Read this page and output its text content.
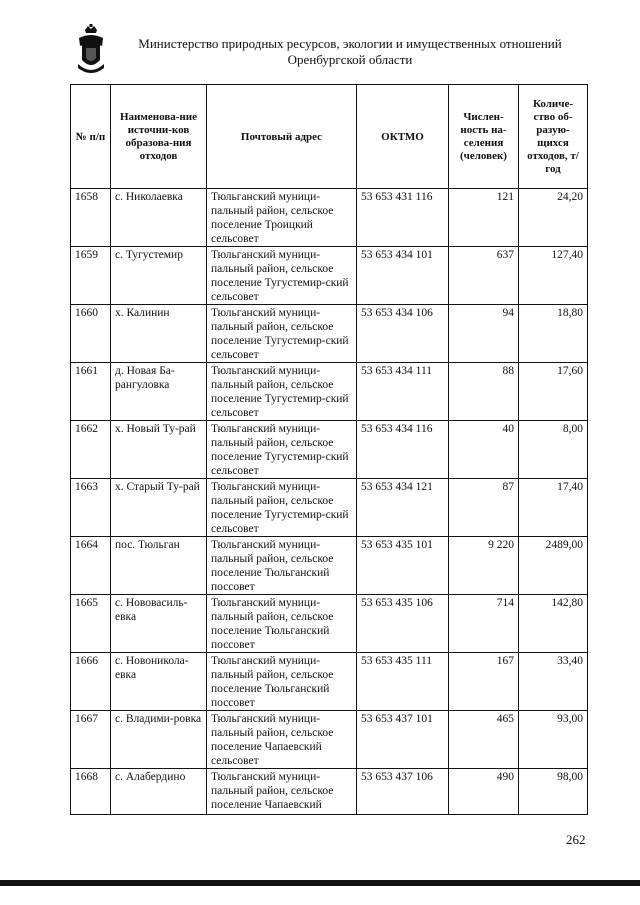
Министерство природных ресурсов, экологии и имущественных отношений
Оренбургской области
№ п/п	Наименова-ние источни-ков образова-ния отходов	Почтовый адрес	ОКТМО	Числен-ность на-селения (человек)	Количе-ство об-разую-щихся отходов, т/год
1658	с. Николаевка	Тюльганский муници-пальный район, сельское поселение Троицкий сельсовет	53 653 431 116	121	24,20
1659	с. Тугустемир	Тюльганский муници-пальный район, сельское поселение Тугустемир-ский сельсовет	53 653 434 101	637	127,40
1660	х. Калинин	Тюльганский муници-пальный район, сельское поселение Тугустемир-ский сельсовет	53 653 434 106	94	18,80
1661	д. Новая Ба-рангуловка	Тюльганский муници-пальный район, сельское поселение Тугустемир-ский сельсовет	53 653 434 111	88	17,60
1662	х. Новый Ту-рай	Тюльганский муници-пальный район, сельское поселение Тугустемир-ский сельсовет	53 653 434 116	40	8,00
1663	х. Старый Ту-рай	Тюльганский муници-пальный район, сельское поселение Тугустемир-ский сельсовет	53 653 434 121	87	17,40
1664	пос. Тюльган	Тюльганский муници-пальный район, сельское поселение Тюльганский поссовет	53 653 435 101	9 220	2489,00
1665	с. Нововасиль-евка	Тюльганский муници-пальный район, сельское поселение Тюльганский поссовет	53 653 435 106	714	142,80
1666	с. Новоникола-евка	Тюльганский муници-пальный район, сельское поселение Тюльганский поссовет	53 653 435 111	167	33,40
1667	с. Владими-ровка	Тюльганский муници-пальный район, сельское поселение Чапаевский сельсовет	53 653 437 101	465	93,00
1668	с. Алабердино	Тюльганский муници-пальный район, сельское поселение Чапаевский	53 653 437 106	490	98,00
262
